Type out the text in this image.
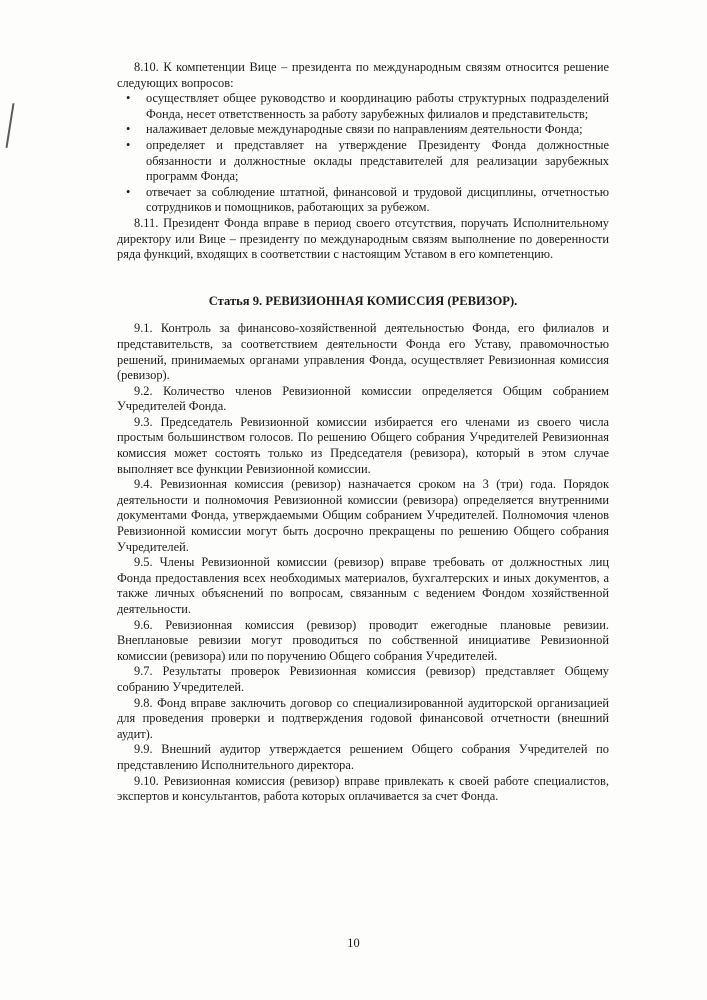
8.10. К компетенции Вице – президента по международным связям относится решение следующих вопросов:

• осуществляет общее руководство и координацию работы структурных подразделений Фонда, несет ответственность за работу зарубежных филиалов и представительств;
• налаживает деловые международные связи по направлениям деятельности Фонда;
• определяет и представляет на утверждение Президенту Фонда должностные обязанности и должностные оклады представителей для реализации зарубежных программ Фонда;
• отвечает за соблюдение штатной, финансовой и трудовой дисциплины, отчетностью сотрудников и помощников, работающих за рубежом.

8.11. Президент Фонда вправе в период своего отсутствия, поручать Исполнительному директору или Вице – президенту по международным связям выполнение по доверенности ряда функций, входящих в соответствии с настоящим Уставом в его компетенцию.

Статья 9. РЕВИЗИОННАЯ КОМИССИЯ (РЕВИЗОР).

9.1. Контроль за финансово-хозяйственной деятельностью Фонда, его филиалов и представительств, за соответствием деятельности Фонда его Уставу, правомочностью решений, принимаемых органами управления Фонда, осуществляет Ревизионная комиссия (ревизор).

9.2. Количество членов Ревизионной комиссии определяется Общим собранием Учредителей Фонда.

9.3. Председатель Ревизионной комиссии избирается его членами из своего числа простым большинством голосов. По решению Общего собрания Учредителей Ревизионная комиссия может состоять только из Председателя (ревизора), который в этом случае выполняет все функции Ревизионной комиссии.

9.4. Ревизионная комиссия (ревизор) назначается сроком на 3 (три) года. Порядок деятельности и полномочия Ревизионной комиссии (ревизора) определяется внутренними документами Фонда, утверждаемыми Общим собранием Учредителей. Полномочия членов Ревизионной комиссии могут быть досрочно прекращены по решению Общего собрания Учредителей.

9.5. Члены Ревизионной комиссии (ревизор) вправе требовать от должностных лиц Фонда предоставления всех необходимых материалов, бухгалтерских и иных документов, а также личных объяснений по вопросам, связанным с ведением Фондом хозяйственной деятельности.

9.6. Ревизионная комиссия (ревизор) проводит ежегодные плановые ревизии. Внеплановые ревизии могут проводиться по собственной инициативе Ревизионной комиссии (ревизора) или по поручению Общего собрания Учредителей.

9.7. Результаты проверок Ревизионная комиссия (ревизор) представляет Общему собранию Учредителей.

9.8. Фонд вправе заключить договор со специализированной аудиторской организацией для проведения проверки и подтверждения годовой финансовой отчетности (внешний аудит).

9.9. Внешний аудитор утверждается решением Общего собрания Учредителей по представлению Исполнительного директора.

9.10. Ревизионная комиссия (ревизор) вправе привлекать к своей работе специалистов, экспертов и консультантов, работа которых оплачивается за счет Фонда.

10
